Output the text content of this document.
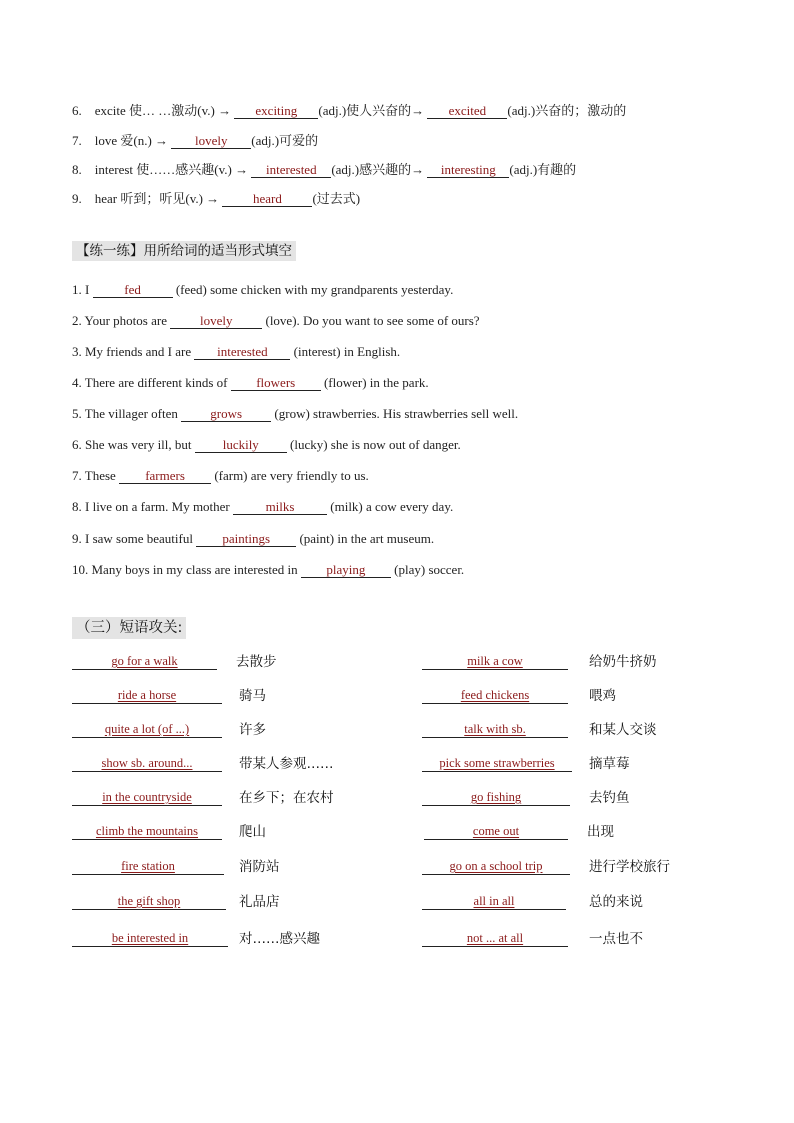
6. excite 使… …激动(v.) → exciting (adj.)使人兴奋的→ excited (adj.)兴奋的；激动的
7. love 爱(n.) → lovely (adj.)可爱的
8. interest 使……感兴趣(v.) → interested (adj.)感兴趣的→ interesting (adj.)有趣的
9. hear 听到；听见(v.) → heard (过去式)
【练一练】用所给词的适当形式填空
1. I fed (feed) some chicken with my grandparents yesterday.
2. Your photos are lovely (love). Do you want to see some of ours?
3. My friends and I are interested (interest) in English.
4. There are different kinds of flowers (flower) in the park.
5. The villager often grows (grow) strawberries. His strawberries sell well.
6. She was very ill, but luckily (lucky) she is now out of danger.
7. These farmers (farm) are very friendly to us.
8. I live on a farm. My mother	milks	(milk) a cow every day.
9. I saw some beautiful paintings (paint) in the art museum.
10. Many boys in my class are interested in playing (play) soccer.
（三）短语攻关:
go for a walk	去散步
ride a horse	骑马
quite a lot (of ...)	许多
show sb. around...	带某人参观……
in the countryside	在乡下；在农村
climb the mountains	爬山
fire station	消防站
the gift shop	礼品店
be interested in	对……感兴趣
milk a cow	给奶牛挤奶
feed chickens	喂鸡
talk with sb.	和某人交谈
pick some strawberries	摘草莓
go fishing	去钓鱼
come out	出现
go on a school trip	进行学校旅行
all in all	总的来说
not ... at all	一点也不
